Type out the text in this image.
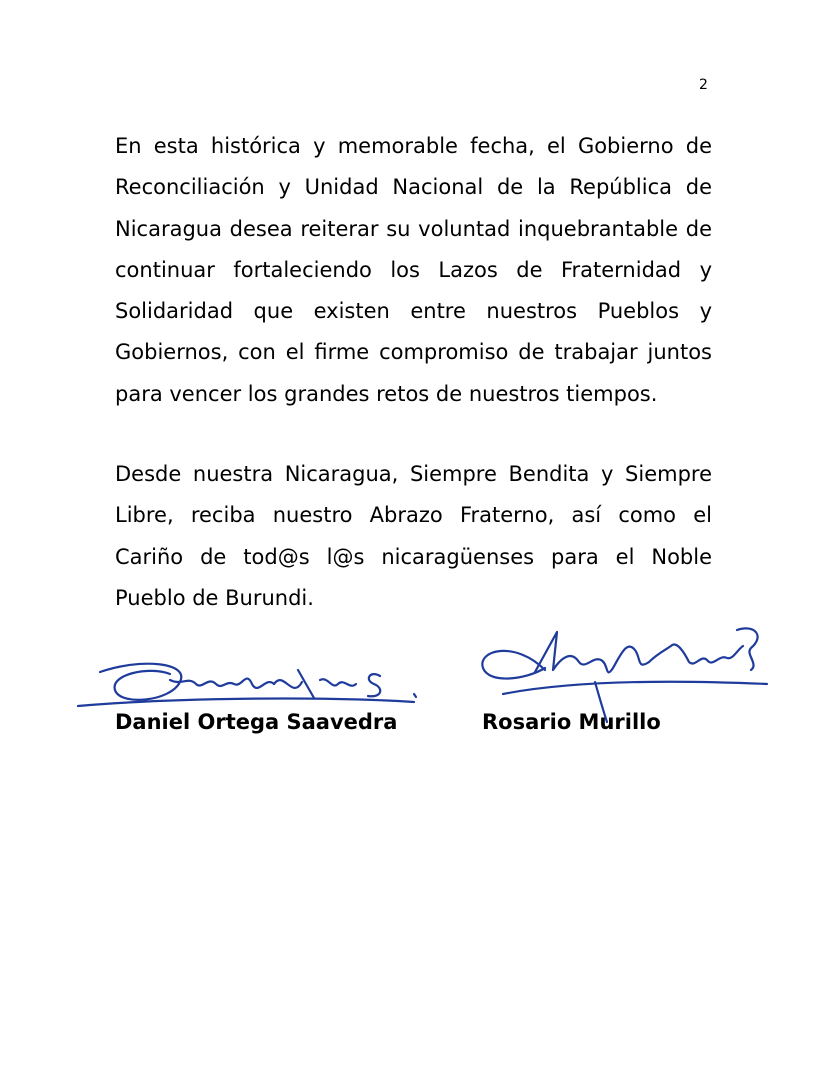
2

En esta histórica y memorable fecha, el Gobierno de Reconciliación y Unidad Nacional de la República de Nicaragua desea reiterar su voluntad inquebrantable de continuar fortaleciendo los Lazos de Fraternidad y Solidaridad que existen entre nuestros Pueblos y Gobiernos, con el firme compromiso de trabajar juntos para vencer los grandes retos de nuestros tiempos.

Desde nuestra Nicaragua, Siempre Bendita y Siempre Libre, reciba nuestro Abrazo Fraterno, así como el Cariño de tod@s l@s nicaragüenses para el Noble Pueblo de Burundi.

Daniel Ortega Saavedra	Rosario Murillo
